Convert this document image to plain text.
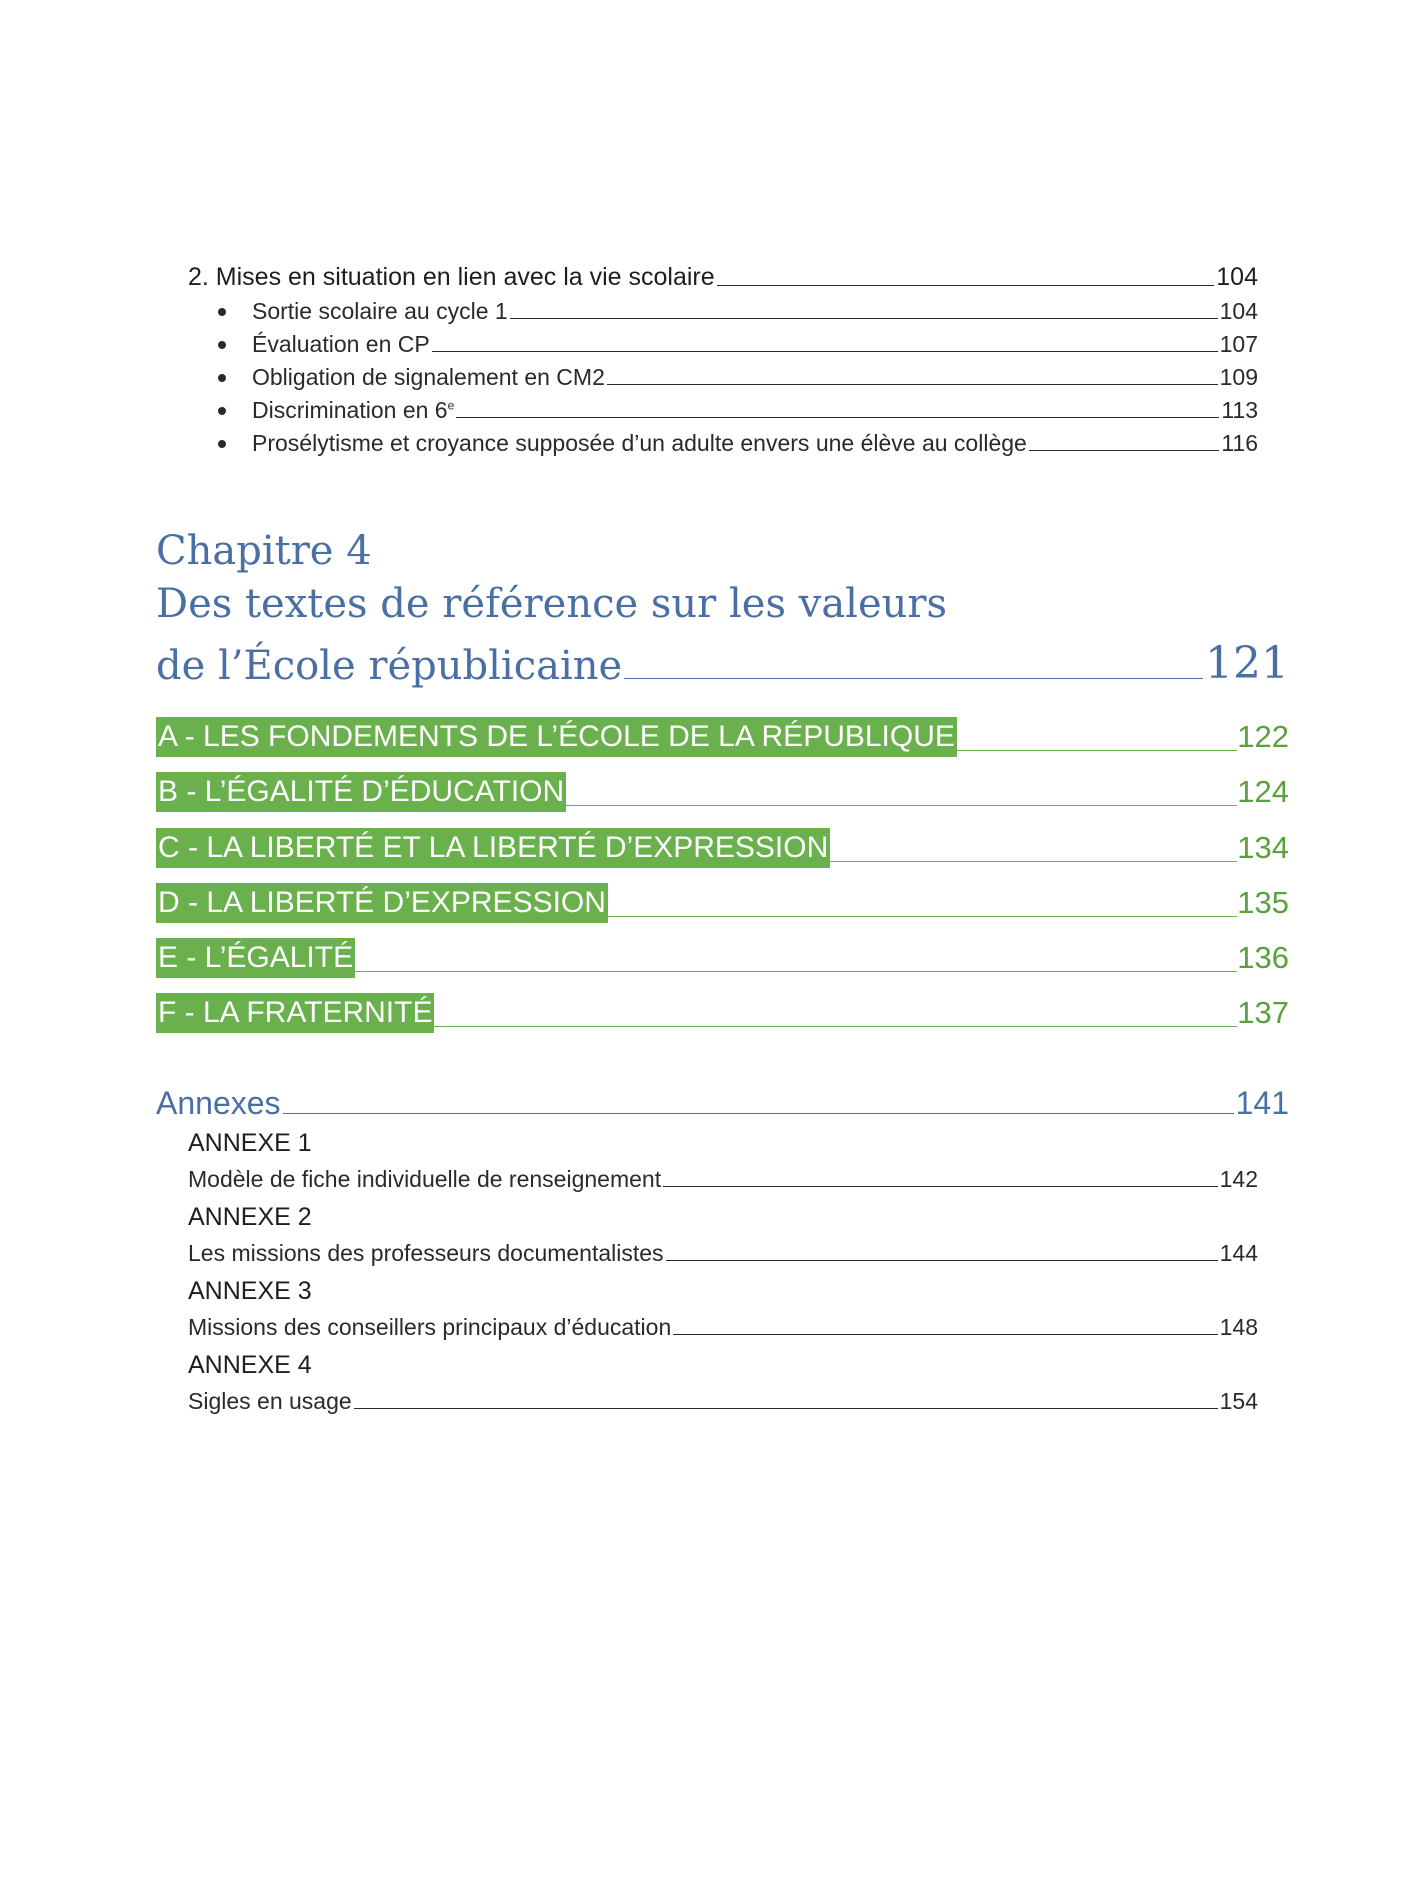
2. Mises en situation en lien avec la vie scolaire	104
Sortie scolaire au cycle 1	104
Évaluation en CP	107
Obligation de signalement en CM2	109
Discrimination en 6e	113
Prosélytisme et croyance supposée d’un adulte envers une élève au collège	116
Chapitre 4
Des textes de référence sur les valeurs
de l’École républicaine	121
A - LES FONDEMENTS DE L’ÉCOLE DE LA RÉPUBLIQUE	122
B - L’ÉGALITÉ D’ÉDUCATION	124
C - LA LIBERTÉ ET LA LIBERTÉ D’EXPRESSION	134
D - LA LIBERTÉ D’EXPRESSION	135
E - L’ÉGALITÉ	136
F - LA FRATERNITÉ	137
Annexes	141
ANNEXE 1
Modèle de fiche individuelle de renseignement	142
ANNEXE 2
Les missions des professeurs documentalistes	144
ANNEXE 3
Missions des conseillers principaux d’éducation	148
ANNEXE 4
Sigles en usage	154
